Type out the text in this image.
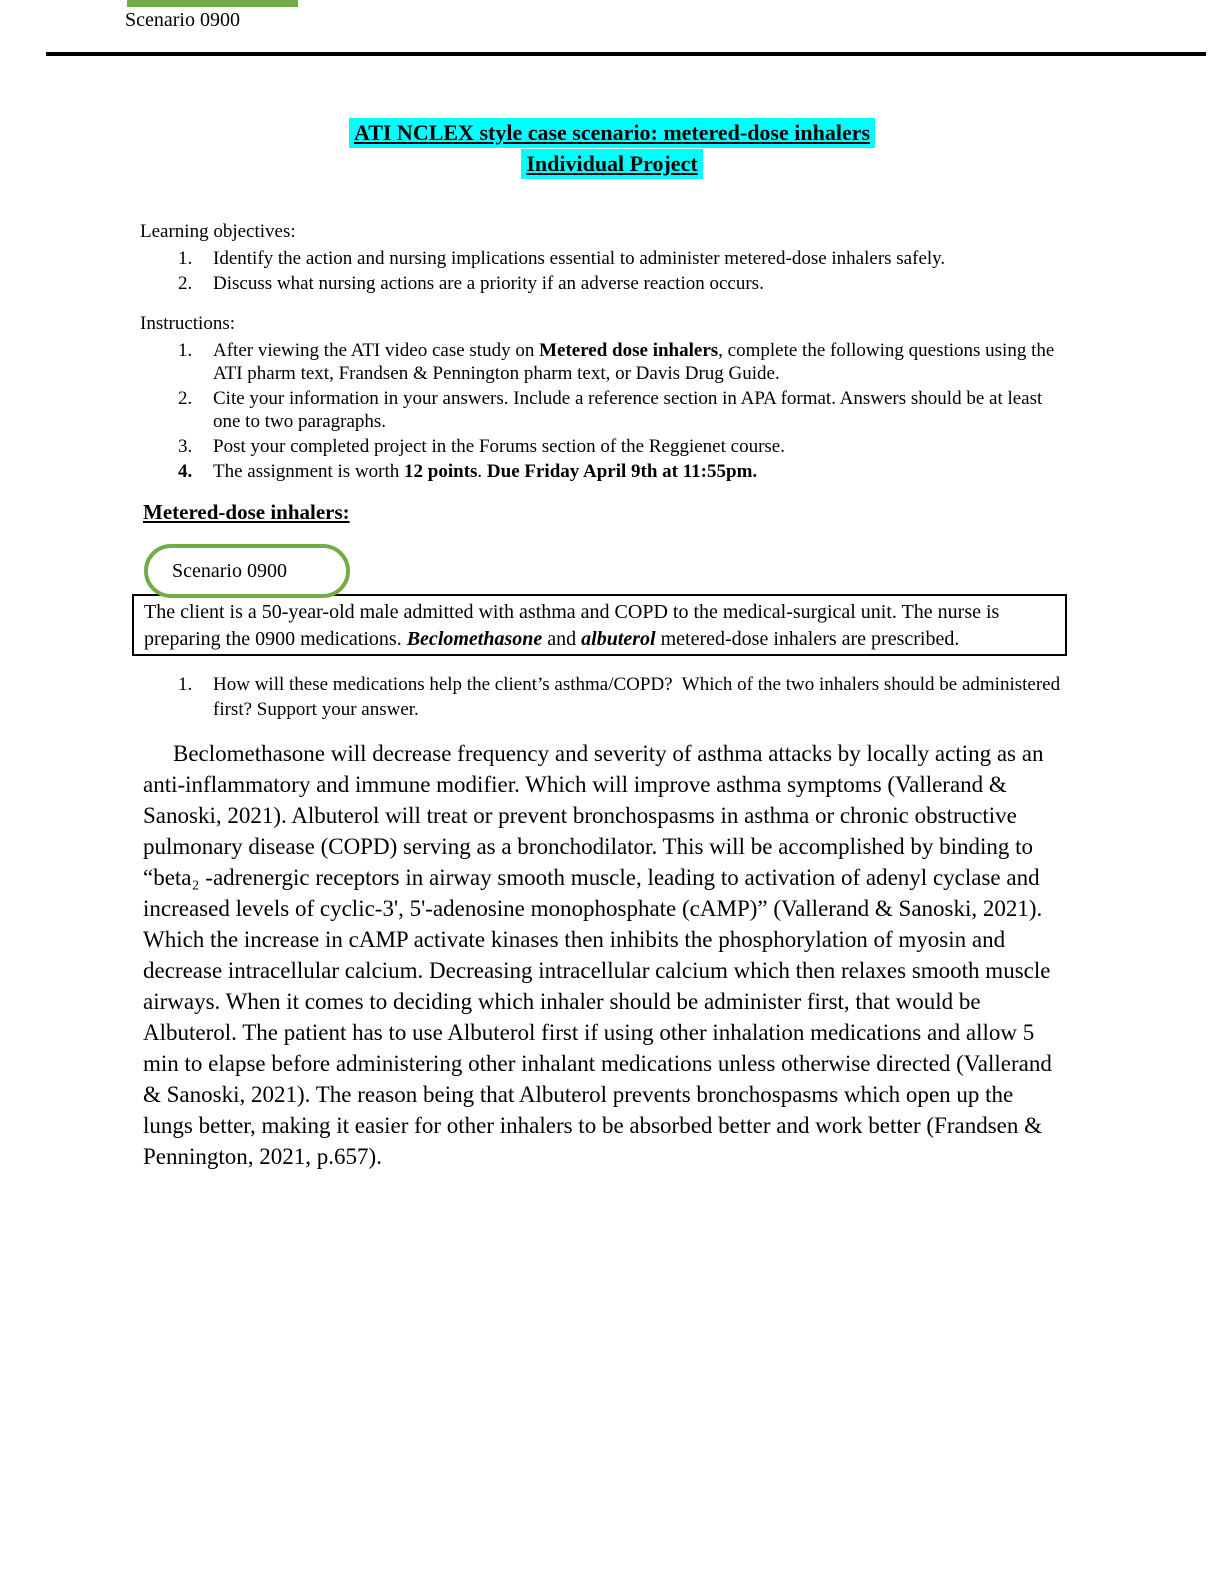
Scenario 0900
ATI NCLEX style case scenario: metered-dose inhalers
Individual Project
Learning objectives:
1.	Identify the action and nursing implications essential to administer metered-dose inhalers safely.
2.	Discuss what nursing actions are a priority if an adverse reaction occurs.
Instructions:
1.	After viewing the ATI video case study on Metered dose inhalers, complete the following questions using the ATI pharm text, Frandsen & Pennington pharm text, or Davis Drug Guide.
2.	Cite your information in your answers. Include a reference section in APA format. Answers should be at least one to two paragraphs.
3.	Post your completed project in the Forums section of the Reggienet course.
4.	The assignment is worth 12 points. Due Friday April 9th at 11:55pm.
Metered-dose inhalers:
Scenario 0900
The client is a 50-year-old male admitted with asthma and COPD to the medical-surgical unit. The nurse is preparing the 0900 medications. Beclomethasone and albuterol metered-dose inhalers are prescribed.
1.	How will these medications help the client’s asthma/COPD?  Which of the two inhalers should be administered first? Support your answer.

Beclomethasone will decrease frequency and severity of asthma attacks by locally acting as an anti-inflammatory and immune modifier. Which will improve asthma symptoms (Vallerand & Sanoski, 2021). Albuterol will treat or prevent bronchospasms in asthma or chronic obstructive pulmonary disease (COPD) serving as a bronchodilator. This will be accomplished by binding to “beta₂ -adrenergic receptors in airway smooth muscle, leading to activation of adenyl cyclase and increased levels of cyclic-3', 5'-adenosine monophosphate (cAMP)” (Vallerand & Sanoski, 2021). Which the increase in cAMP activate kinases then inhibits the phosphorylation of myosin and decrease intracellular calcium. Decreasing intracellular calcium which then relaxes smooth muscle airways. When it comes to deciding which inhaler should be administer first, that would be Albuterol. The patient has to use Albuterol first if using other inhalation medications and allow 5 min to elapse before administering other inhalant medications unless otherwise directed (Vallerand & Sanoski, 2021). The reason being that Albuterol prevents bronchospasms which open up the lungs better, making it easier for other inhalers to be absorbed better and work better (Frandsen & Pennington, 2021, p.657).
